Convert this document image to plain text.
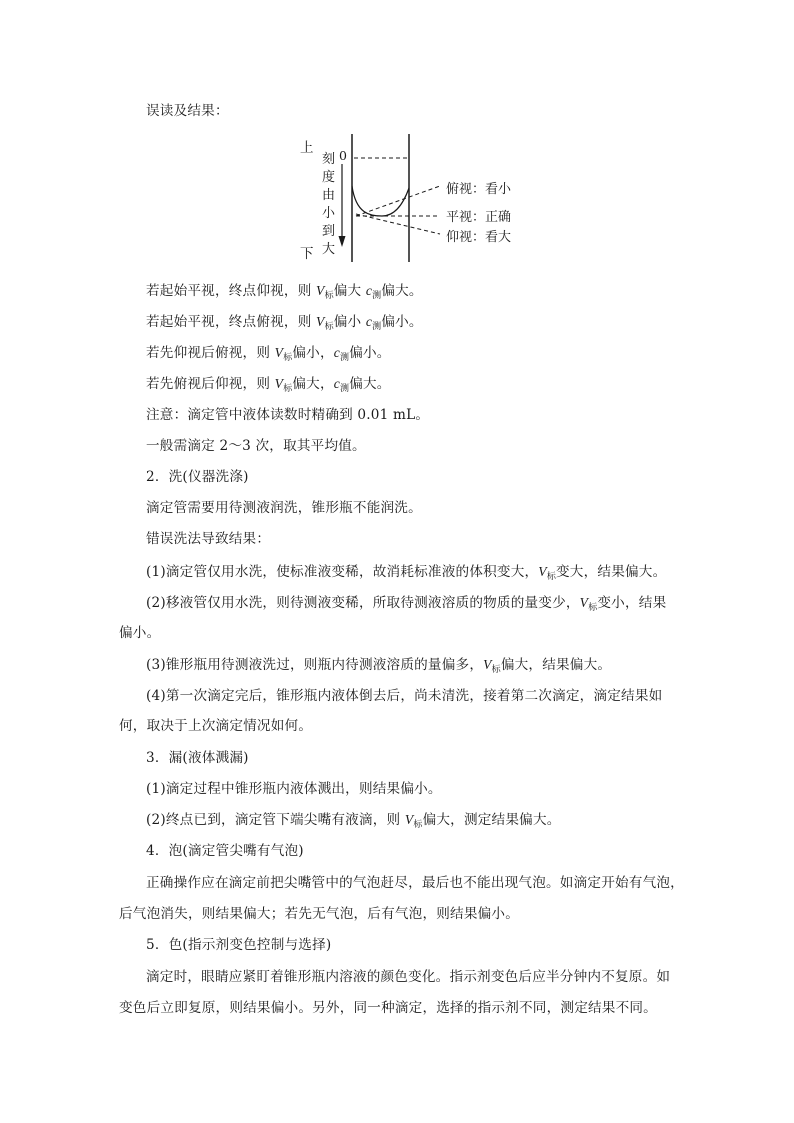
误读及结果：
上
下
0
刻
度
由
小
到
大
俯视：看小
平视：正确
仰视：看大
若起始平视，终点仰视，则 $V_标$偏大 $c_测$偏大。
若起始平视，终点俯视，则 $V_标$偏小 $c_测$偏小。
若先仰视后俯视，则 $V_标$偏小，$c_测$偏小。
若先俯视后仰视，则 $V_标$偏大，$c_测$偏大。
注意：滴定管中液体读数时精确到 0.01 mL。
一般需滴定 2～3 次，取其平均值。
2．洗(仪器洗涤)
滴定管需要用待测液润洗，锥形瓶不能润洗。
错误洗法导致结果：
(1)滴定管仅用水洗，使标准液变稀，故消耗标准液的体积变大，$V_标$变大，结果偏大。
(2)移液管仅用水洗，则待测液变稀，所取待测液溶质的物质的量变少，$V_标$变小，结果
偏小。
(3)锥形瓶用待测液洗过，则瓶内待测液溶质的量偏多，$V_标$偏大，结果偏大。
(4)第一次滴定完后，锥形瓶内液体倒去后，尚未清洗，接着第二次滴定，滴定结果如
何，取决于上次滴定情况如何。
3．漏(液体溅漏)
(1)滴定过程中锥形瓶内液体溅出，则结果偏小。
(2)终点已到，滴定管下端尖嘴有液滴，则 $V_标$偏大，测定结果偏大。
4．泡(滴定管尖嘴有气泡)
正确操作应在滴定前把尖嘴管中的气泡赶尽，最后也不能出现气泡。如滴定开始有气泡，
后气泡消失，则结果偏大；若先无气泡，后有气泡，则结果偏小。
5．色(指示剂变色控制与选择)
滴定时，眼睛应紧盯着锥形瓶内溶液的颜色变化。指示剂变色后应半分钟内不复原。如
变色后立即复原，则结果偏小。另外，同一种滴定，选择的指示剂不同，测定结果不同。
